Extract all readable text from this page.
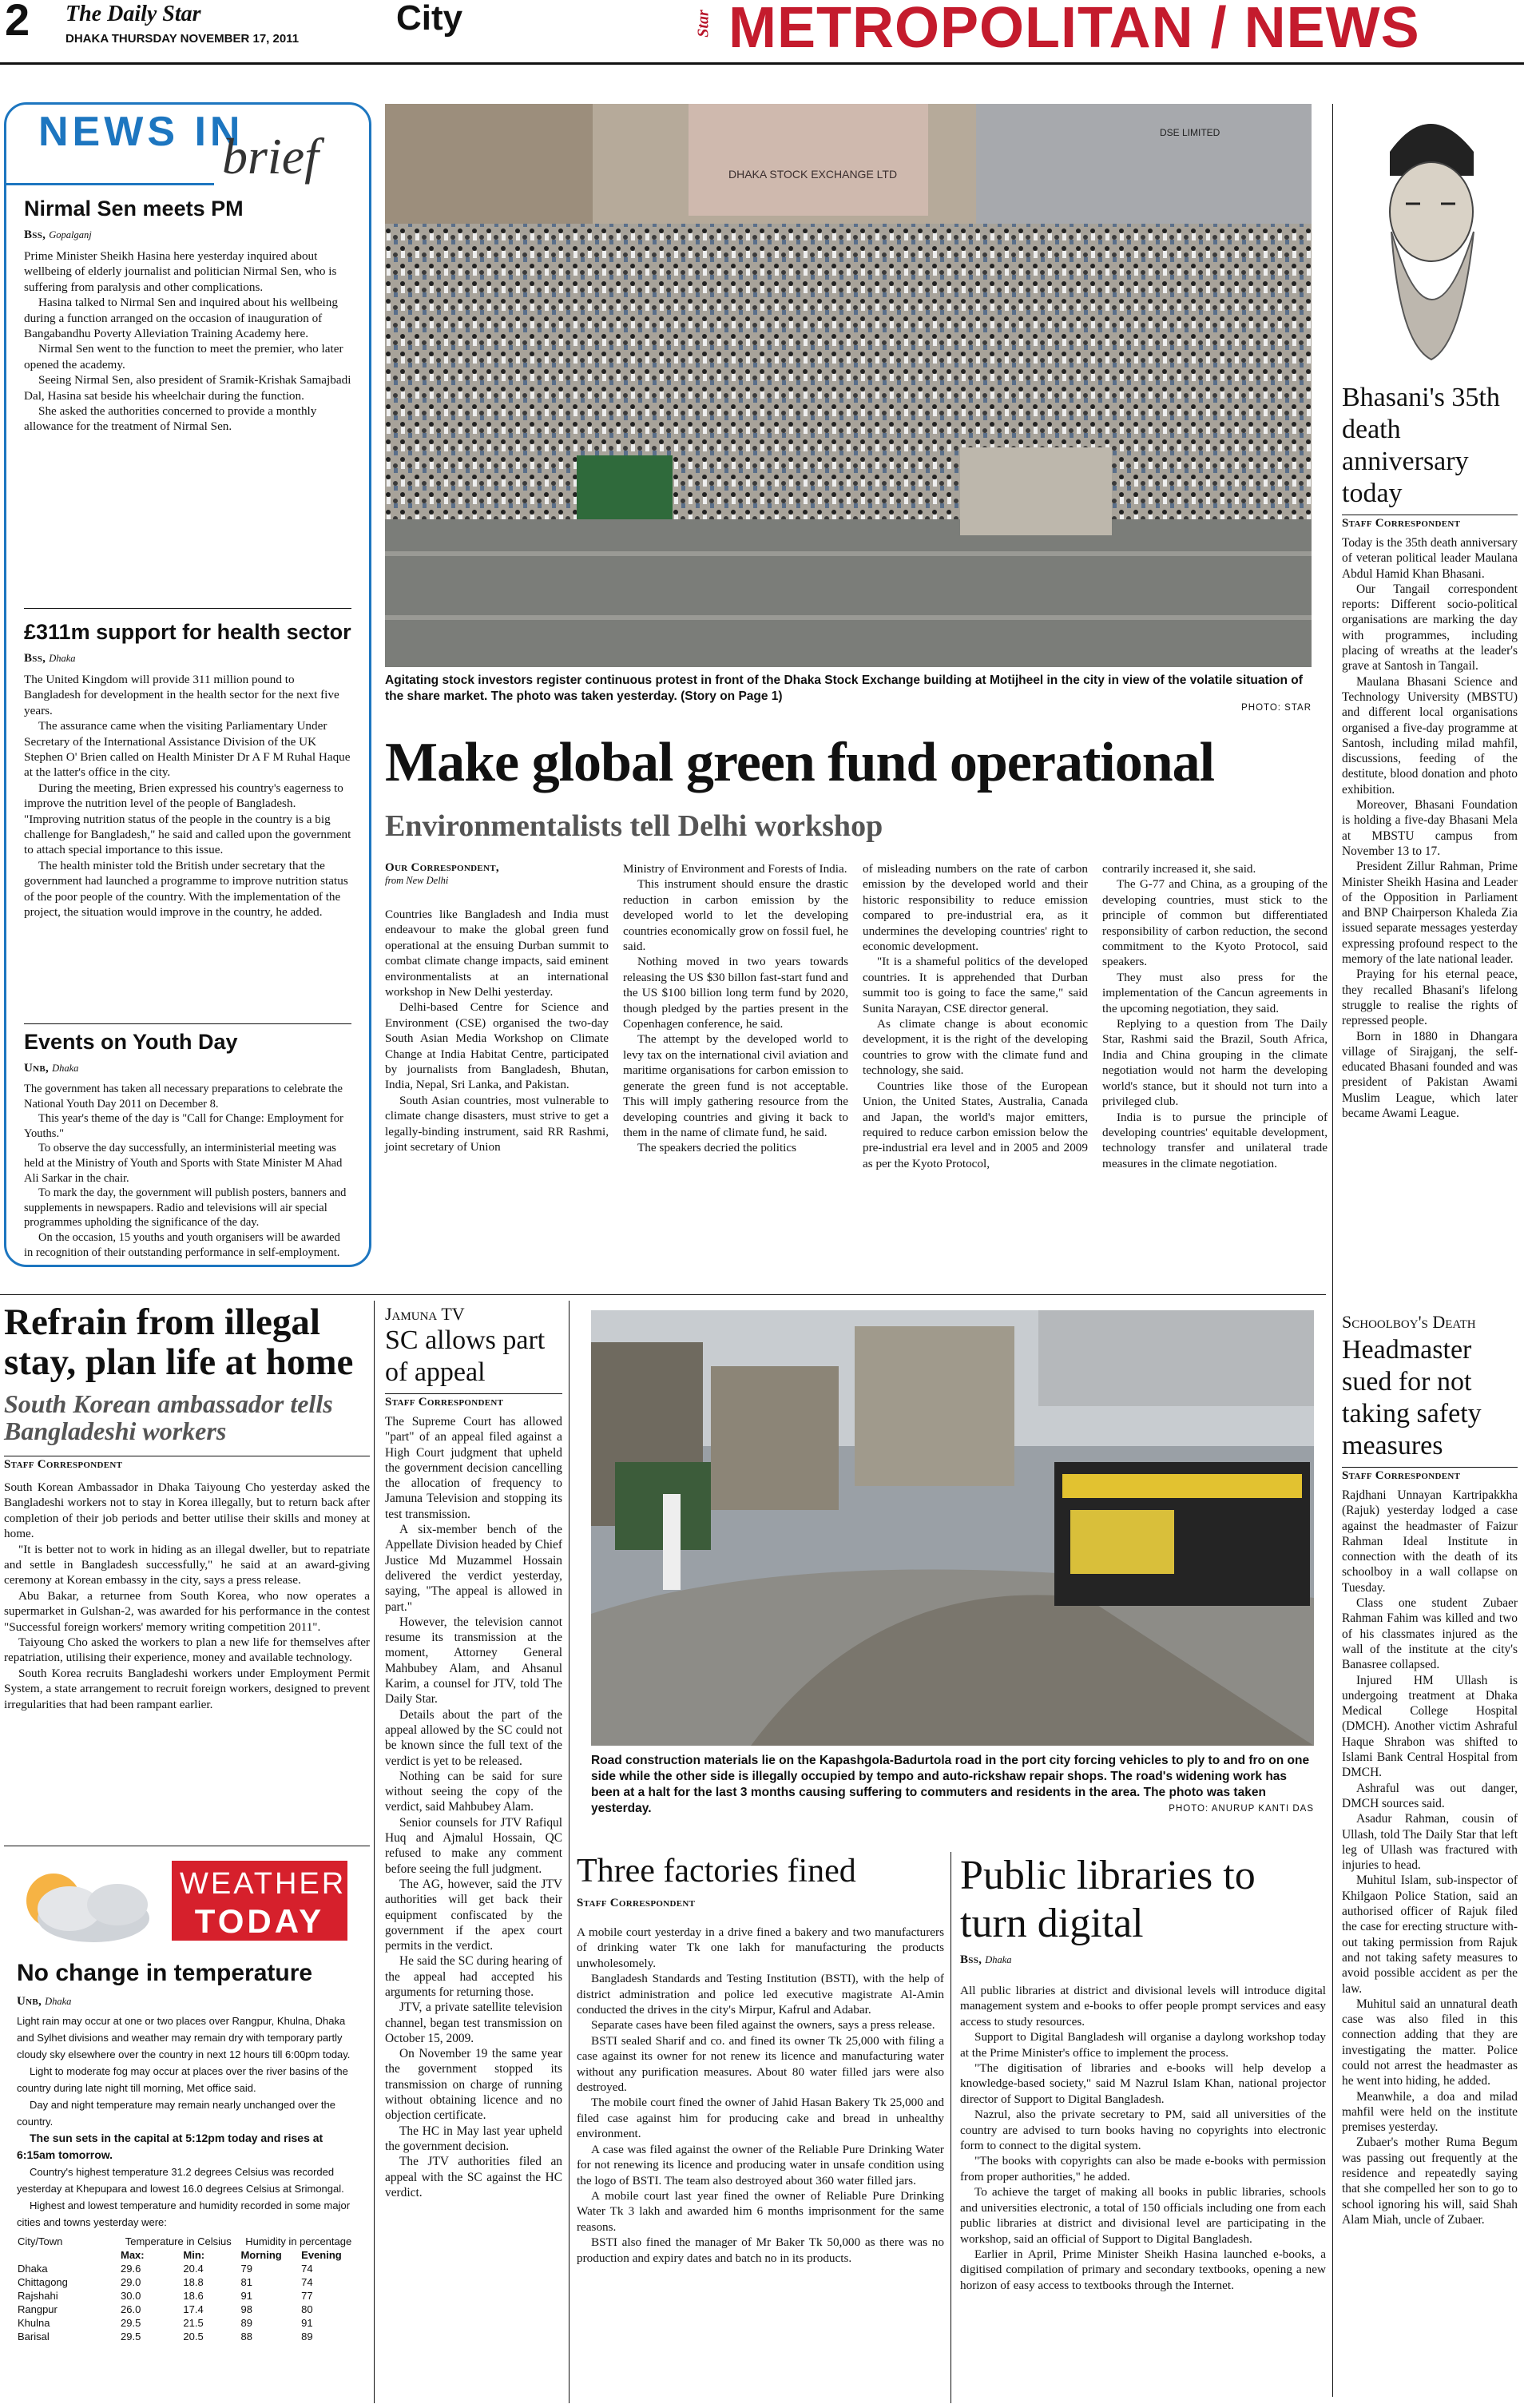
2 The Daily Star
DHAKA THURSDAY NOVEMBER 17, 2011
City	Star METROPOLITAN / NEWS
NEWS IN
brief
Nirmal Sen meets PM
Bss, Gopalganj

Prime Minister Sheikh Hasina here yesterday inquired about wellbeing of elderly journalist and politician Nirmal Sen, who is suffering from paralysis and other complications.

Hasina talked to Nirmal Sen and inquired about his wellbeing during a function arranged on the occasion of inauguration of Bangabandhu Poverty Alleviation Training Academy here.

Nirmal Sen went to the function to meet the premier, who later opened the academy.

Seeing Nirmal Sen, also president of Sramik-Krishak Samajbadi Dal, Hasina sat beside his wheelchair during the function.

She asked the authorities concerned to provide a monthly allowance for the treatment of Nirmal Sen.

£311m support for health sector
Bss, Dhaka

The United Kingdom will provide 311 million pound to Bangladesh for development in the health sector for the next five years.

The assurance came when the visiting Parliamentary Under Secretary of the International Assistance Division of the UK Stephen O' Brien called on Health Minister Dr A F M Ruhal Haque at the latter's office in the city.

During the meeting, Brien expressed his country's eagerness to improve the nutrition level of the people of Bangladesh. "Improving nutrition status of the people in the country is a big challenge for Bangladesh," he said and called upon the government to attach special importance to this issue.

The health minister told the British under secretary that the government had launched a programme to improve nutrition status of the poor people of the country. With the implementation of the project, the situation would improve in the country, he added.

Events on Youth Day
Unb, Dhaka

The government has taken all necessary preparations to celebrate the National Youth Day 2011 on December 8.

This year's theme of the day is "Call for Change: Employment for Youths."

To observe the day successfully, an interministerial meeting was held at the Ministry of Youth and Sports with State Minister M Ahad Ali Sarkar in the chair.

To mark the day, the government will publish posters, banners and supplements in newspapers. Radio and televisions will air special programmes upholding the significance of the day.

On the occasion, 15 youths and youth organisers will be awarded in recognition of their outstanding performance in self-employment.

DHAKA STOCK EXCHANGE LTD
DSE LIMITED
Agitating stock investors register continuous protest in front of the Dhaka Stock Exchange building at Motijheel in the city in view of the volatile situation of the share market. The photo was taken yesterday. (Story on Page 1)
PHOTO: STAR
Bhasani's 35th death anniversary today
Staff Correspondent

Today is the 35th death anniversary of veteran political leader Maulana Abdul Hamid Khan Bhasani.

Our Tangail correspondent reports: Different socio-political organisations are marking the day with programmes, including placing of wreaths at the leader's grave at Santosh in Tangail.

Maulana Bhasani Science and Technology University (MBSTU) and different local organisations organised a five-day programme at Santosh, including milad mahfil, discussions, feeding of the destitute, blood donation and photo exhibition.

Moreover, Bhasani Foundation is holding a five-day Bhasani Mela at MBSTU campus from November 13 to 17.

President Zillur Rahman, Prime Minister Sheikh Hasina and Leader of the Opposition in Parliament and BNP Chairperson Khaleda Zia issued separate messages yesterday expressing profound respect to the memory of the late national leader.

Praying for his eternal peace, they recalled Bhasani's lifelong struggle to realise the rights of repressed people.

Born in 1880 in Dhangara village of Sirajganj, the self-educated Bhasani founded and was president of Pakistan Awami Muslim League, which later became Awami League.

Make global green fund operational
Environmentalists tell Delhi workshop
Our Correspondent,
from New Delhi

Countries like Bangladesh and India must endeavour to make the global green fund operational at the ensuing Durban summit to combat climate change impacts, said eminent environmentalists at an international workshop in New Delhi yesterday.

Delhi-based Centre for Science and Environment (CSE) organised the two-day South Asian Media Workshop on Climate Change at India Habitat Centre, participated by journalists from Bangladesh, Bhutan, India, Nepal, Sri Lanka, and Pakistan.

South Asian countries, most vulnerable to climate change disasters, must strive to get a legally-binding instrument, said RR Rashmi, joint secretary of Union

Ministry of Environment and Forests of India.

This instrument should ensure the drastic reduction in carbon emission by the developed world to let the developing countries economically grow on fossil fuel, he said.

Nothing moved in two years towards releasing the US $30 billon fast-start fund and the US $100 billion long term fund by 2020, though pledged by the parties present in the Copenhagen conference, he said.

The attempt by the developed world to levy tax on the international civil aviation and maritime organisations for carbon emission to generate the green fund is not acceptable. This will imply gathering resource from the developing countries and giving it back to them in the name of climate fund, he said.

The speakers decried the politics

of misleading numbers on the rate of carbon emission by the developed world and their historic responsibility to reduce emission compared to pre-industrial era, as it undermines the developing countries' right to economic development.

"It is a shameful politics of the developed countries. It is apprehended that Durban summit too is going to face the same," said Sunita Narayan, CSE director general.

As climate change is about economic development, it is the right of the developing countries to grow with the climate fund and technology, she said.

Countries like those of the European Union, the United States, Australia, Canada and Japan, the world's major emitters, required to reduce carbon emission below the pre-industrial era level and in 2005 and 2009 as per the Kyoto Protocol,

contrarily increased it, she said.

The G-77 and China, as a grouping of the developing countries, must stick to the principle of common but differentiated responsibility of carbon reduction, the second commitment to the Kyoto Protocol, said speakers.

They must also press for the implementation of the Cancun agreements in the upcoming negotiation, they said.

Replying to a question from The Daily Star, Rashmi said the Brazil, South Africa, India and China grouping in the climate negotiation would not harm the developing world's stance, but it should not turn into a privileged club.

India is to pursue the principle of developing countries' equitable development, technology transfer and unilateral trade measures in the climate negotiation.

Schoolboy's Death
Headmaster sued for not taking safety measures
Staff Correspondent

Rajdhani Unnayan Kartripakkha (Rajuk) yesterday lodged a case against the headmaster of Faizur Rahman Ideal Institute in connection with the death of its schoolboy in a wall collapse on Tuesday.

Class one student Zubaer Rahman Fahim was killed and two of his classmates injured as the wall of the institute at the city's Banasree collapsed.

Injured HM Ullash is undergoing treatment at Dhaka Medical College Hospital (DMCH). Another victim Ashraful Haque Shrabon was shifted to Islami Bank Central Hospital from DMCH.

Ashraful was out danger, DMCH sources said.

Asadur Rahman, cousin of Ullash, told The Daily Star that left leg of Ullash was fractured with injuries to head.

Muhitul Islam, sub-inspector of Khilgaon Police Station, said an authorised officer of Rajuk filed the case for erecting structure without taking permission from Rajuk and not taking safety measures to avoid possible accident as per the law.

Muhitul said an unnatural death case was also filed in this connection adding that they are investigating the matter. Police could not arrest the headmaster as he went into hiding, he added.

Meanwhile, a doa and milad mahfil were held on the institute premises yesterday.

Zubaer's mother Ruma Begum was passing out frequently at the residence and repeatedly saying that she compelled her son to go to school ignoring his will, said Shah Alam Miah, uncle of Zubaer.

Refrain from illegal stay, plan life at home
South Korean ambassador tells Bangladeshi workers
Staff Correspondent

South Korean Ambassador in Dhaka Taiyoung Cho yesterday asked the Bangladeshi workers not to stay in Korea illegally, but to return back after completion of their job periods and better utilise their skills and money at home.

"It is better not to work in hiding as an illegal dweller, but to repatriate and settle in Bangladesh successfully," he said at an award-giving ceremony at Korean embassy in the city, says a press release.

Abu Bakar, a returnee from South Korea, who now operates a supermarket in Gulshan-2, was awarded for his performance in the contest "Successful foreign workers' memory writing competition 2011".

Taiyoung Cho asked the workers to plan a new life for themselves after repatriation, utilising their experience, money and available technology.

South Korea recruits Bangladeshi workers under Employment Permit System, a state arrangement to recruit foreign workers, designed to prevent irregularities that had been rampant earlier.

WEATHER
TODAY
No change in temperature
Unb, Dhaka
Light rain may occur at one or two places over Rangpur, Khulna, Dhaka and Sylhet divisions and weather may remain dry with temporary partly cloudy sky elsewhere over the country in next 12 hours till 6:00pm today.
Light to moderate fog may occur at places over the river basins of the country during late night till morning, Met office said.
Day and night temperature may remain nearly unchanged over the country.
The sun sets in the capital at 5:12pm today and rises at 6:15am tomorrow.
Country's highest temperature 31.2 degrees Celsius was recorded yesterday at Khepupara and lowest 16.0 degrees Celsius at Srimongal.
Highest and lowest temperature and humidity recorded in some major cities and towns yesterday were:
City/Town	Temperature in Celsius		Humidity in percentage	
	Max:	Min:	Morning	Evening
Dhaka	29.6	20.4	79	74
Chittagong	29.0	18.8	81	74
Rajshahi	30.0	18.6	91	77
Rangpur	26.0	17.4	98	80
Khulna	29.5	21.5	89	91
Barisal	29.5	20.5	88	89
Jamuna TV
SC allows part of appeal
Staff Correspondent

The Supreme Court has allowed "part" of an appeal filed against a High Court judgment that upheld the government decision cancelling the allocation of frequency to Jamuna Television and stopping its test transmission.

A six-member bench of the Appellate Division headed by Chief Justice Md Muzammel Hossain delivered the verdict yesterday, saying, "The appeal is allowed in part."

However, the television cannot resume its transmission at the moment, Attorney General Mahbubey Alam, and Ahsanul Karim, a counsel for JTV, told The Daily Star.

Details about the part of the appeal allowed by the SC could not be known since the full text of the verdict is yet to be released.

Nothing can be said for sure without seeing the copy of the verdict, said Mahbubey Alam.

Senior counsels for JTV Rafiqul Huq and Ajmalul Hossain, QC refused to make any comment before seeing the full judgment.

The AG, however, said the JTV authorities will get back their equipment confiscated by the government if the apex court permits in the verdict.

He said the SC during hearing of the appeal had accepted his arguments for returning those.

JTV, a private satellite television channel, began test transmission on October 15, 2009.

On November 19 the same year the government stopped its transmission on charge of running without obtaining licence and no objection certificate.

The HC in May last year upheld the government decision.

The JTV authorities filed an appeal with the SC against the HC verdict.

Road construction materials lie on the Kapashgola-Badurtola road in the port city forcing vehicles to ply to and fro on one side while the other side is illegally occupied by tempo and auto-rickshaw repair shops. The road's widening work has been at a halt for the last 3 months causing suffering to commuters and residents in the area. The photo was taken yesterday.	PHOTO: ANURUP KANTI DAS
Three factories fined
Staff Correspondent

A mobile court yesterday in a drive fined a bakery and two manufacturers of drinking water Tk one lakh for manufacturing the products unwholesomely.

Bangladesh Standards and Testing Institution (BSTI), with the help of district administration and police led executive magistrate Al-Amin conducted the drives in the city's Mirpur, Kafrul and Adabar.

Separate cases have been filed against the owners, says a press release.

BSTI sealed Sharif and co. and fined its owner Tk 25,000 with filing a case against its owner for not renew its licence and manufacturing water without any purification measures. About 80 water filled jars were also destroyed.

The mobile court fined the owner of Jahid Hasan Bakery Tk 25,000 and filed case against him for producing cake and bread in unhealthy environment.

A case was filed against the owner of the Reliable Pure Drinking Water for not renewing its licence and producing water in unsafe condition using the logo of BSTI. The team also destroyed about 360 water filled jars.

A mobile court last year fined the owner of Reliable Pure Drinking Water Tk 3 lakh and awarded him 6 months imprisonment for the same reasons.

BSTI also fined the manager of Mr Baker Tk 50,000 as there was no production and expiry dates and batch no in its products.

Public libraries to turn digital
Bss, Dhaka

All public libraries at district and divisional levels will introduce digital management system and e-books to offer people prompt services and easy access to study resources.

Support to Digital Bangladesh will organise a daylong workshop today at the Prime Minister's office to implement the process.

"The digitisation of libraries and e-books will help develop a knowledge-based society," said M Nazrul Islam Khan, national projector director of Support to Digital Bangladesh.

Nazrul, also the private secretary to PM, said all universities of the country are advised to turn books having no copyrights into electronic form to connect to the digital system.

"The books with copyrights can also be made e-books with permission from proper authorities," he added.

To achieve the target of making all books in public libraries, schools and universities electronic, a total of 150 officials including one from each public libraries at district and divisional level are participating in the workshop, said an official of Support to Digital Bangladesh.

Earlier in April, Prime Minister Sheikh Hasina launched e-books, a digitised compilation of primary and secondary textbooks, opening a new horizon of easy access to textbooks through the Internet.
